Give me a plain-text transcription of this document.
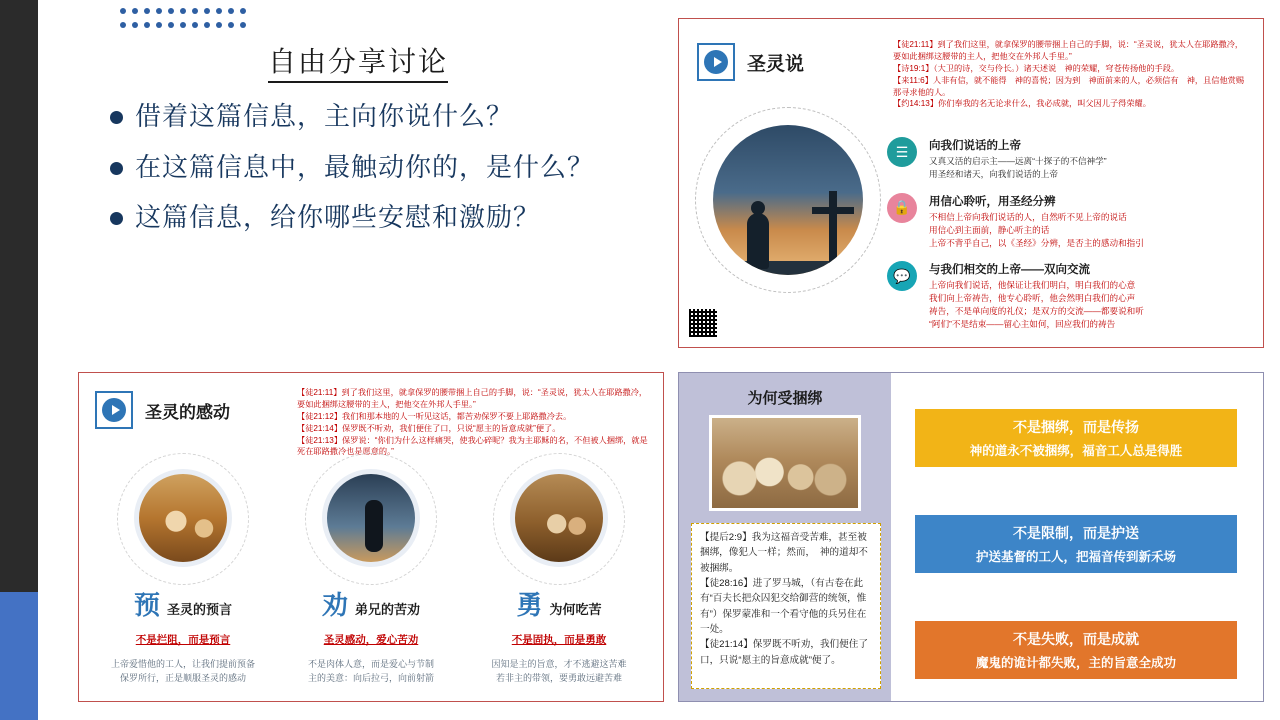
自由分享讨论
借着这篇信息，主向你说什么？
在这篇信息中，最触动你的，是什么？
这篇信息，给你哪些安慰和激励？
圣灵说
【徒21:11】到了我们这里，就拿保罗的腰带捆上自己的手脚，说：“圣灵说，犹太人在耶路撒冷，要如此捆绑这腰带的主人，把他交在外邦人手里。”
【诗19:1】（大卫的诗，交与伶长。）诸天述说　神的荣耀，穹苍传扬他的手段。
【来11:6】人非有信，就不能得　神的喜悦；因为到　神面前来的人，必须信有　神，且信他赏赐那寻求他的人。
【约14:13】你们奉我的名无论求什么，我必成就，叫父因儿子得荣耀。
☰	向我们说话的上帝
又真又活的启示主——远离“十探子的不信神学”
用圣经和诸天，向我们说话的上帝
🔒	用信心聆听，用圣经分辨
不相信上帝向我们说话的人，自然听不见上帝的说话
用信心到主面前，静心听主的话
上帝不背乎自己，以《圣经》分辨，是否主的感动和指引
💬	与我们相交的上帝——双向交流
上帝向我们说话，他保证让我们明白，明白我们的心意
我们向上帝祷告，他专心聆听，他会然明白我们的心声
祷告，不是单向度的礼仪；是双方的交流——都要说和听
“阿们”不是结束——留心主如何，回应我们的祷告
圣灵的感动
【徒21:11】到了我们这里，就拿保罗的腰带捆上自己的手脚，说：“圣灵说，犹太人在耶路撒冷，要如此捆绑这腰带的主人，把他交在外邦人手里。”
【徒21:12】我们和那本地的人一听见这话，都苦劝保罗不要上耶路撒冷去。
【徒21:14】保罗既不听劝，我们便住了口，只说“愿主的旨意成就”便了。
【徒21:13】保罗说：“你们为什么这样痛哭，使我心碎呢？我为主耶稣的名，不但被人捆绑，就是死在耶路撒冷也是愿意的。”
预 圣灵的预言
不是拦阻，而是预言
上帝爱惜他的工人，让我们提前预备
保罗所行，正是顺服圣灵的感动
劝 弟兄的苦劝
圣灵感动，爱心苦劝
不是肉体人意，而是爱心与节制
主的美意：向后拉弓，向前射箭
勇 为何吃苦
不是固执，而是勇敢
因知是主的旨意，才不逃避这苦难
若非主的带领，要勇敢远避苦难
为何受捆绑
【提后2:9】我为这福音受苦难，甚至被捆绑，像犯人一样；然而，　神的道却不被捆绑。
【徒28:16】进了罗马城，（有古卷在此有“百夫长把众囚犯交给御营的统领，惟有”）保罗蒙准和一个看守他的兵另住在一处。
【徒21:14】保罗既不听劝，我们便住了口，只说“愿主的旨意成就”便了。
不是捆绑，而是传扬
神的道永不被捆绑，福音工人总是得胜
不是限制，而是护送
护送基督的工人，把福音传到新禾场
不是失败，而是成就
魔鬼的诡计都失败，主的旨意全成功
